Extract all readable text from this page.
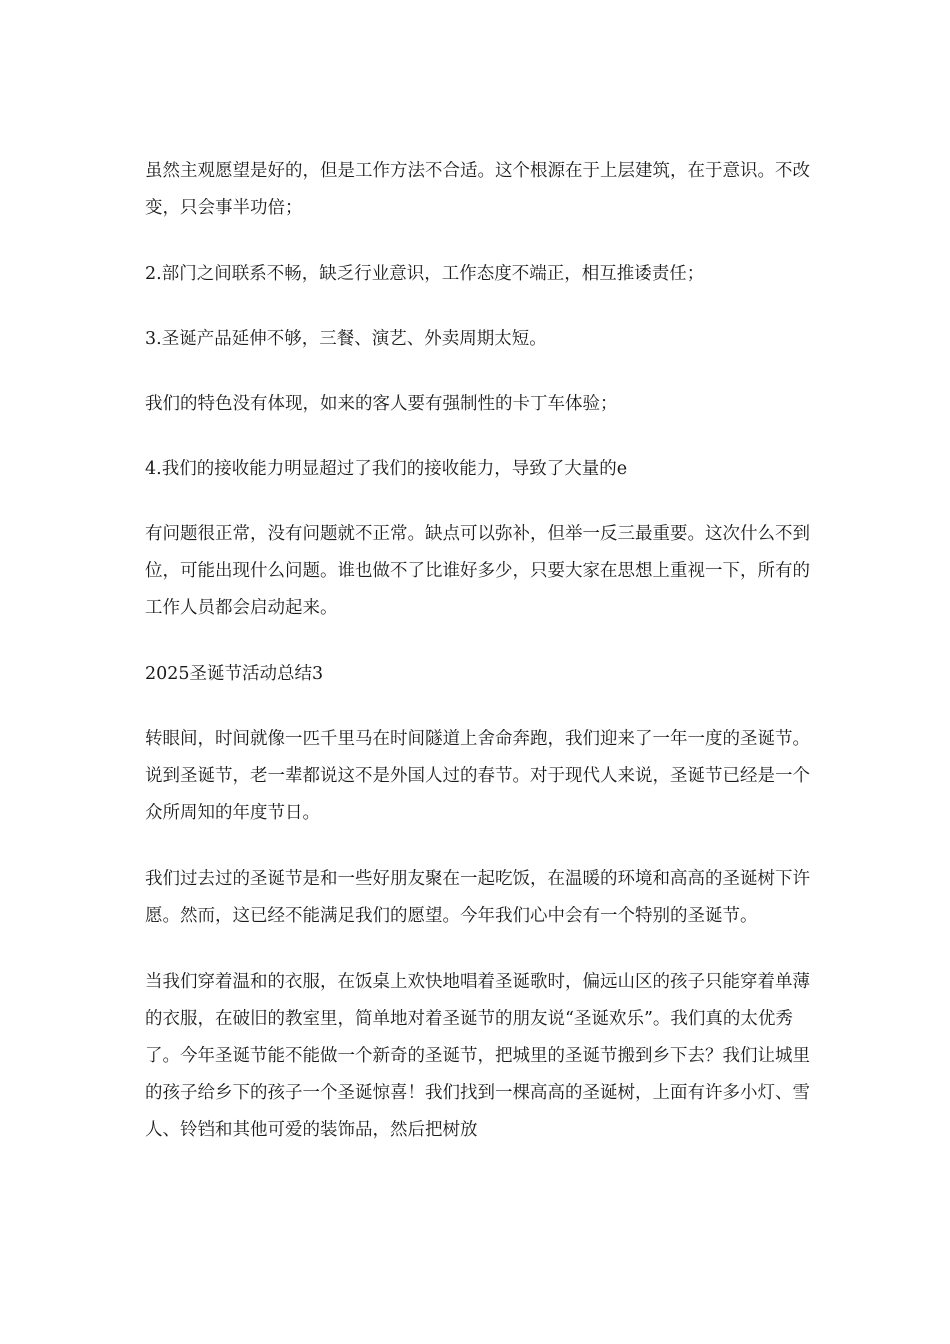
虽然主观愿望是好的，但是工作方法不合适。这个根源在于上层建筑，在于意识。不改变，只会事半功倍；

2.部门之间联系不畅，缺乏行业意识，工作态度不端正，相互推诿责任；

3.圣诞产品延伸不够，三餐、演艺、外卖周期太短。

我们的特色没有体现，如来的客人要有强制性的卡丁车体验；

4.我们的接收能力明显超过了我们的接收能力，导致了大量的e

有问题很正常，没有问题就不正常。缺点可以弥补，但举一反三最重要。这次什么不到位，可能出现什么问题。谁也做不了比谁好多少，只要大家在思想上重视一下，所有的工作人员都会启动起来。

2025圣诞节活动总结3

转眼间，时间就像一匹千里马在时间隧道上舍命奔跑，我们迎来了一年一度的圣诞节。说到圣诞节，老一辈都说这不是外国人过的春节。对于现代人来说，圣诞节已经是一个众所周知的年度节日。

我们过去过的圣诞节是和一些好朋友聚在一起吃饭，在温暖的环境和高高的圣诞树下许愿。然而，这已经不能满足我们的愿望。今年我们心中会有一个特别的圣诞节。

当我们穿着温和的衣服，在饭桌上欢快地唱着圣诞歌时，偏远山区的孩子只能穿着单薄的衣服，在破旧的教室里，简单地对着圣诞节的朋友说“圣诞欢乐”。我们真的太优秀了。今年圣诞节能不能做一个新奇的圣诞节，把城里的圣诞节搬到乡下去？我们让城里的孩子给乡下的孩子一个圣诞惊喜！我们找到一棵高高的圣诞树，上面有许多小灯、雪人、铃铛和其他可爱的装饰品，然后把树放
